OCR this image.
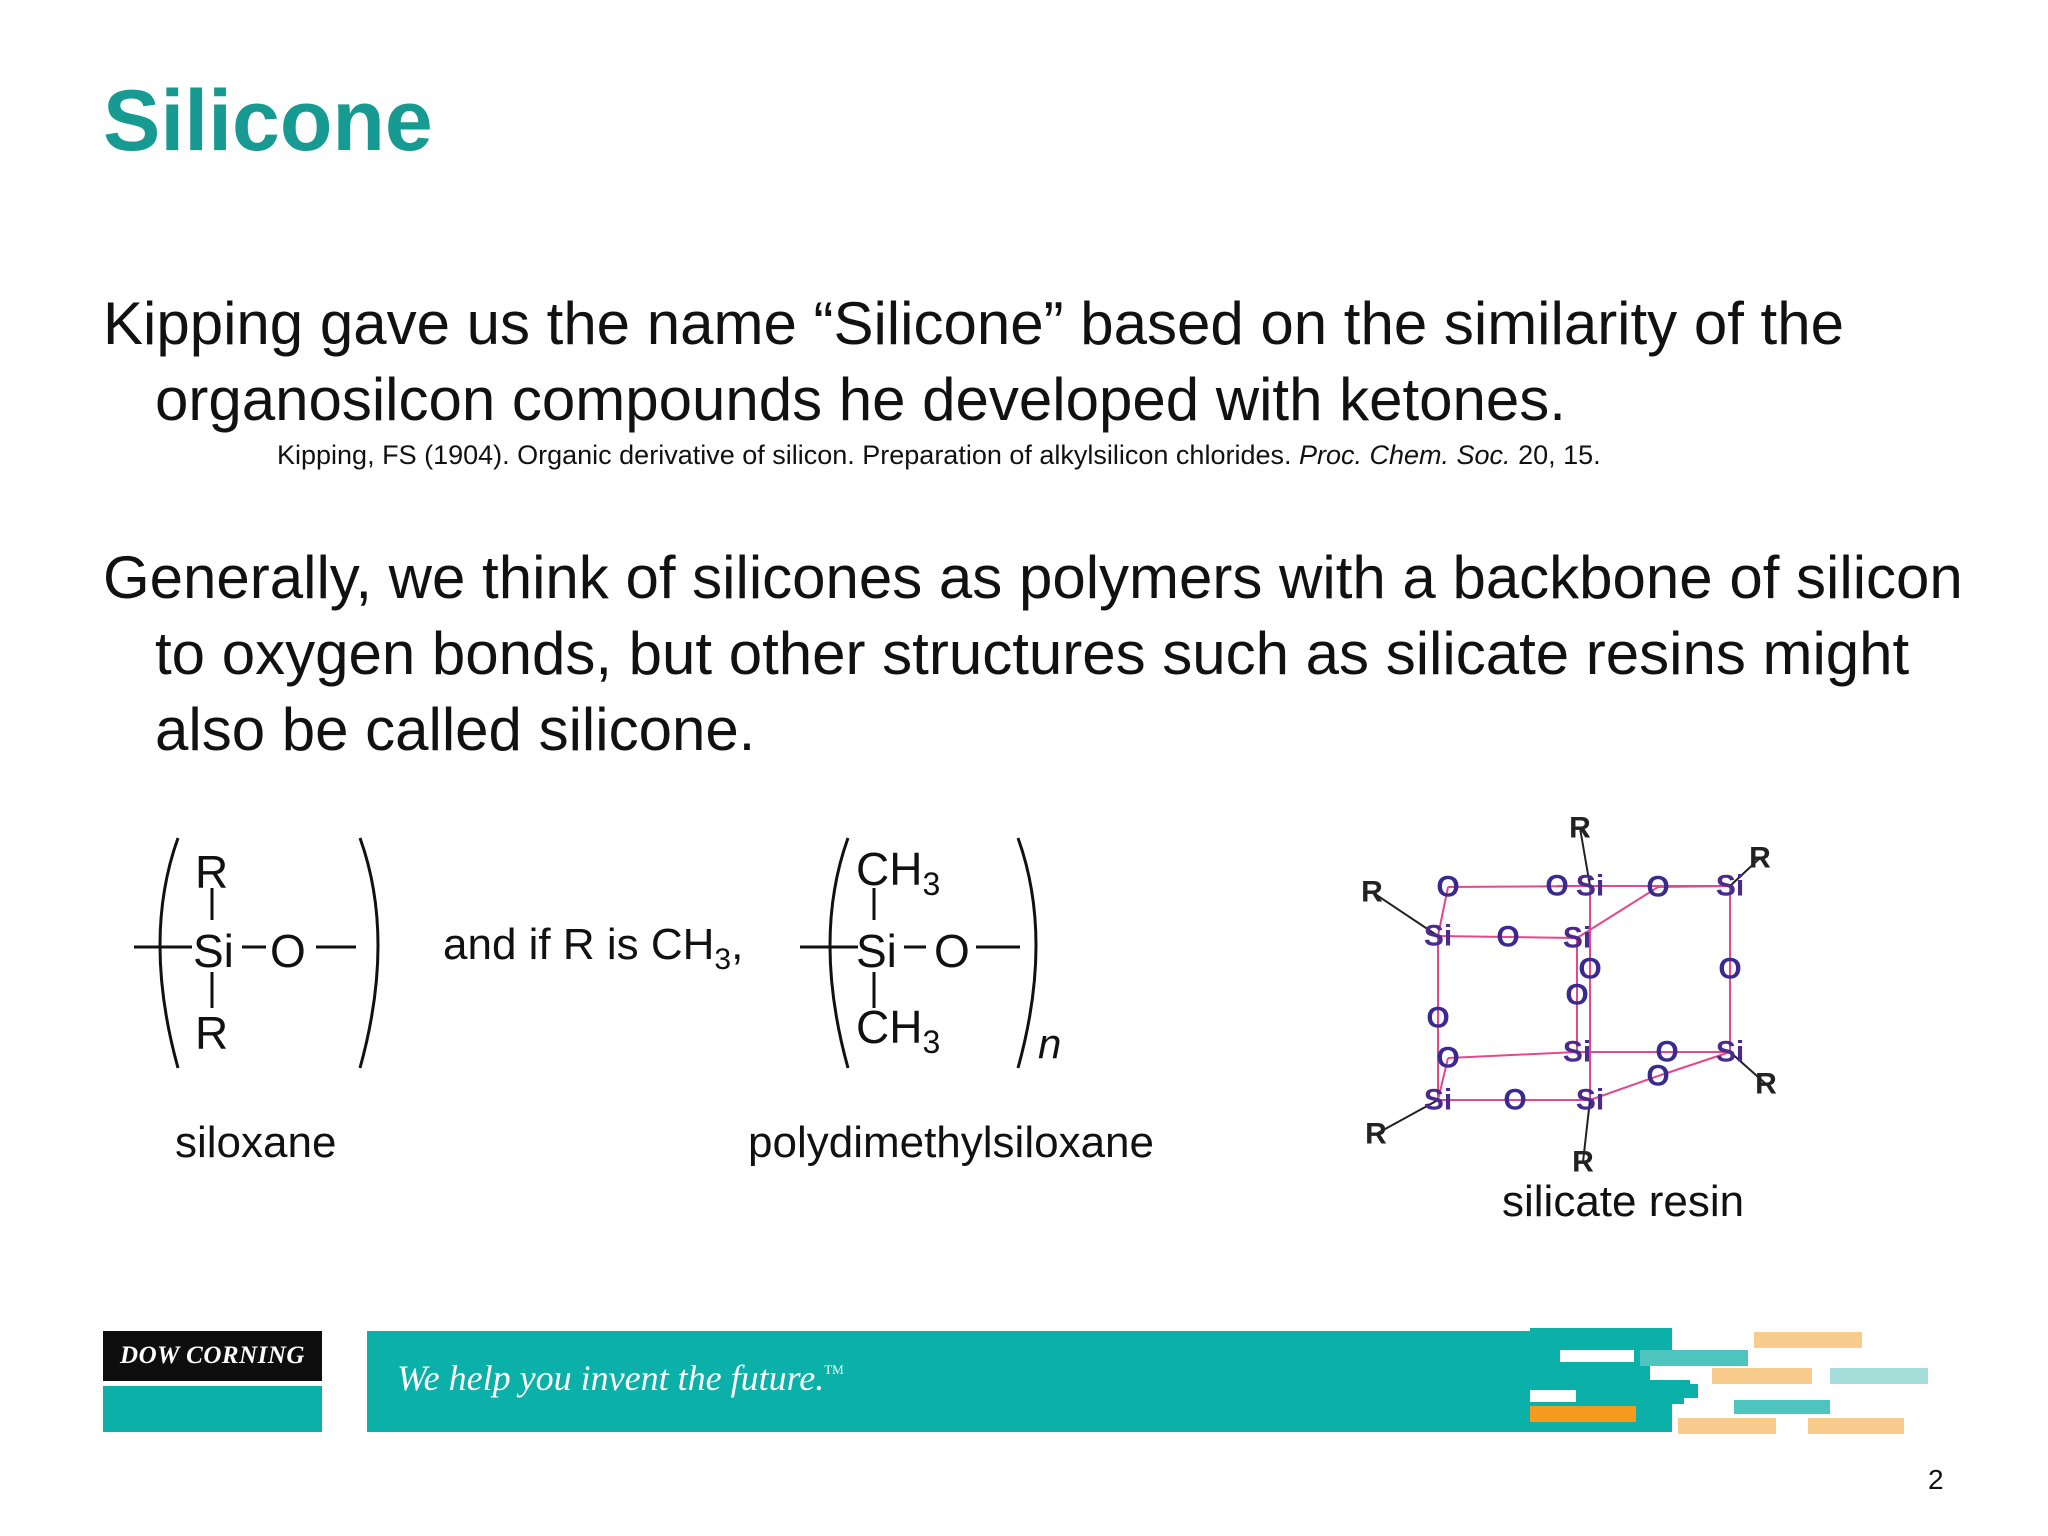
Silicone
Kipping gave us the name “Silicone” based on the similarity of the organosilcon compounds he developed with ketones.
Kipping, FS (1904). Organic derivative of silicon. Preparation of alkylsilicon chlorides. Proc. Chem. Soc. 20, 15.
Generally, we think of silicones as polymers with a backbone of silicon to oxygen bonds, but other structures such as silicate resins might also be called silicone.
R
Si O
R
siloxane
and if R is $CH_3$,
$CH_3$
Si O
$CH_3$ n
polydimethylsiloxane
Si	Si
Si	Si
Si	Si
Si	Si
O
O
O	O
O
O
O
O
O
O
O
O
R
R
R
R
R
R
silicate resin
DOW CORNING
We help you invent the future.™
2
